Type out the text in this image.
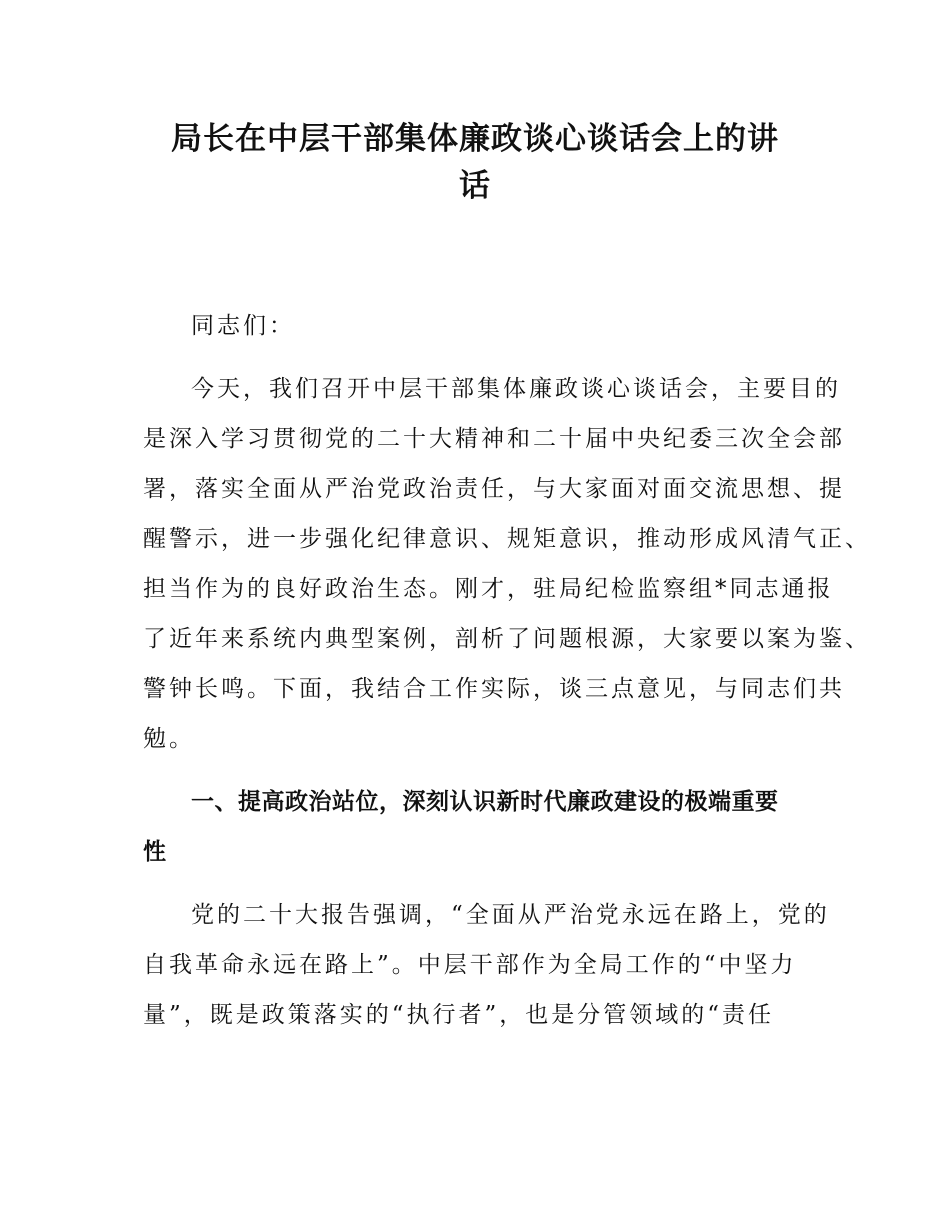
局长在中层干部集体廉政谈心谈话会上的讲
话
同志们：
今天，我们召开中层干部集体廉政谈心谈话会，主要目的
是深入学习贯彻党的二十大精神和二十届中央纪委三次全会部
署，落实全面从严治党政治责任，与大家面对面交流思想、提
醒警示，进一步强化纪律意识、规矩意识，推动形成风清气正、
担当作为的良好政治生态。刚才，驻局纪检监察组*同志通报
了近年来系统内典型案例，剖析了问题根源，大家要以案为鉴、
警钟长鸣。下面，我结合工作实际，谈三点意见，与同志们共
勉。
一、提高政治站位，深刻认识新时代廉政建设的极端重要
性
党的二十大报告强调，“全面从严治党永远在路上，党的
自我革命永远在路上”。中层干部作为全局工作的“中坚力
量”，既是政策落实的“执行者”，也是分管领域的“责任
